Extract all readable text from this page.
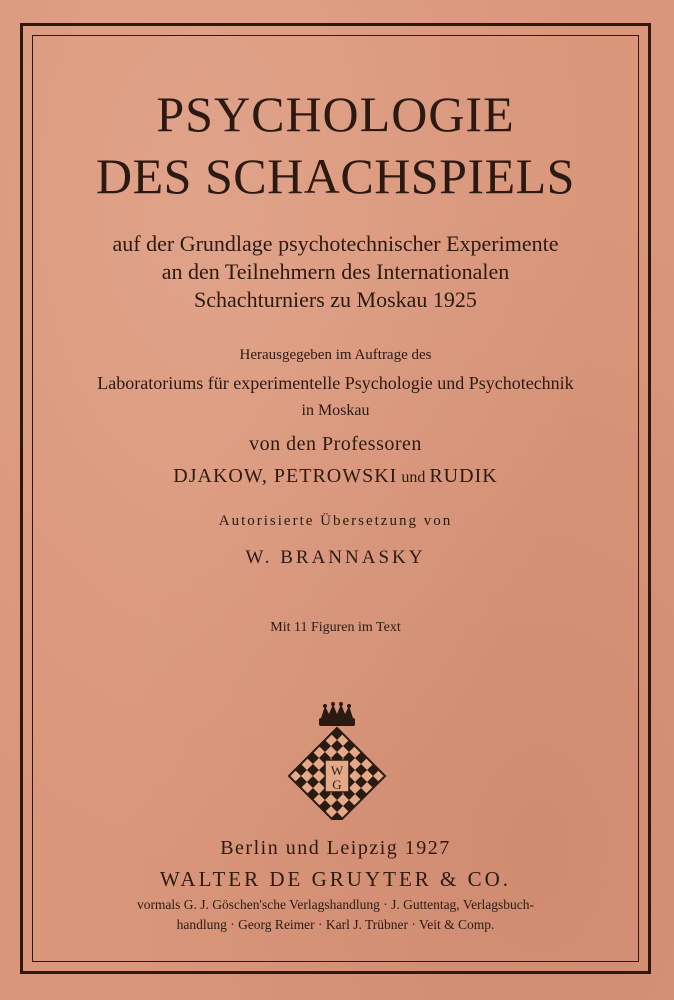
PSYCHOLOGIE
DES SCHACHSPIELS
auf der Grundlage psychotechnischer Experimente
an den Teilnehmern des Internationalen
Schachturniers zu Moskau 1925
Herausgegeben im Auftrage des
Laboratoriums für experimentelle Psychologie und Psychotechnik
in Moskau
von den Professoren
DJAKOW, PETROWSKI und RUDIK
Autorisierte Übersetzung von
W. BRANNASKY
Mit 11 Figuren im Text
W
G
Berlin und Leipzig 1927
WALTER DE GRUYTER & CO.
vormals G. J. Göschen'sche Verlagshandlung · J. Guttentag, Verlagsbuch-
handlung · Georg Reimer · Karl J. Trübner · Veit & Comp.
